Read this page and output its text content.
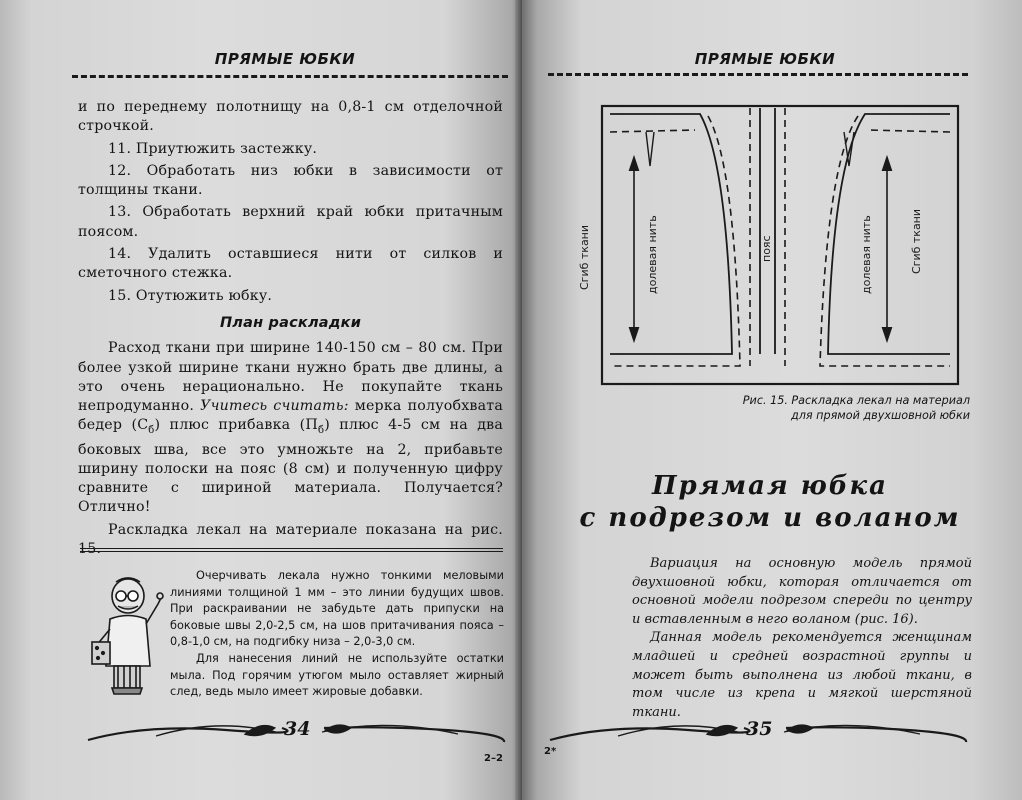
ПРЯМЫЕ ЮБКИ

и по переднему полотнищу на 0,8-1 см отделочной строчкой.

11. Приутюжить застежку.

12. Обработать низ юбки в зависимости от толщины ткани.

13. Обработать верхний край юбки притачным поясом.

14. Удалить оставшиеся нити от силков и сметочного стежка.

15. Отутюжить юбку.

План раскладки

Расход ткани при ширине 140-150 см – 80 см. При более узкой ширине ткани нужно брать две длины, а это очень нерационально. Не покупайте ткань непродуманно. Учитесь считать: мерка полуобхвата бедер $(С_б)$ плюс прибавка $(П_б)$ плюс 4-5 см на два боковых шва, все это умножьте на 2, прибавьте ширину полоски на пояс (8 см) и полученную цифру сравните с шириной материала. Получается? Отлично!

Раскладка лекал на материале показана на рис. 15.

Очерчивать лекала нужно тонкими меловыми линиями толщиной 1 мм – это линии будущих швов. При раскраивании не забудьте дать припуски на боковые швы 2,0-2,5 см, на шов притачивания пояса – 0,8-1,0 см, на подгибку низа – 2,0-3,0 см.

Для нанесения линий не используйте остатки мыла. Под горячим утюгом мыло оставляет жирный след, ведь мыло имеет жировые добавки.

34
2–2
ПРЯМЫЕ ЮБКИ
Сгиб ткани	долевая нить	пояс	долевая нить	Сгиб ткани
Рис. 15. Раскладка лекал на материал
для прямой двухшовной юбки
Прямая юбка
с подрезом и воланом

Вариация на основную модель прямой двухшовной юбки, которая отличается от основной модели подрезом спереди по центру и вставленным в него воланом (рис. 16).

Данная модель рекомендуется женщинам младшей и средней возрастной группы и может быть выполнена из любой ткани, в том числе из крепа и мягкой шерстяной ткани.

35
2*
